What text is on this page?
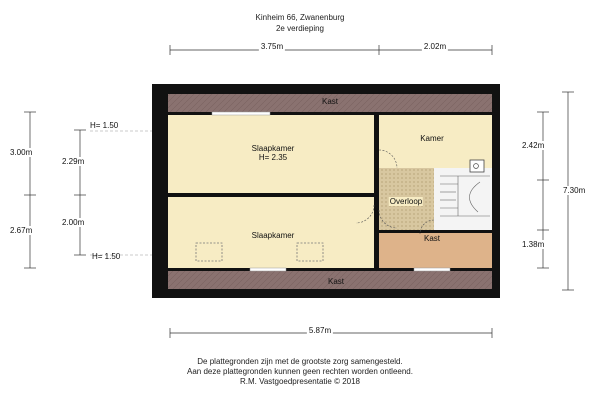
Kinheim 66, Zwanenburg
2e verdieping
3.75m	2.02m
5.87m
3.00m
2.67m
2.29m
2.00m
H= 1.50
H= 1.50
2.42m
7.30m
1.38m
Kast
Slaapkamer
H= 2.35
Slaapkamer
Kamer
Overloop
Kast
Kast
De plattegronden zijn met de grootste zorg samengesteld.
Aan deze plattegronden kunnen geen rechten worden ontleend.
R.M. Vastgoedpresentatie © 2018
